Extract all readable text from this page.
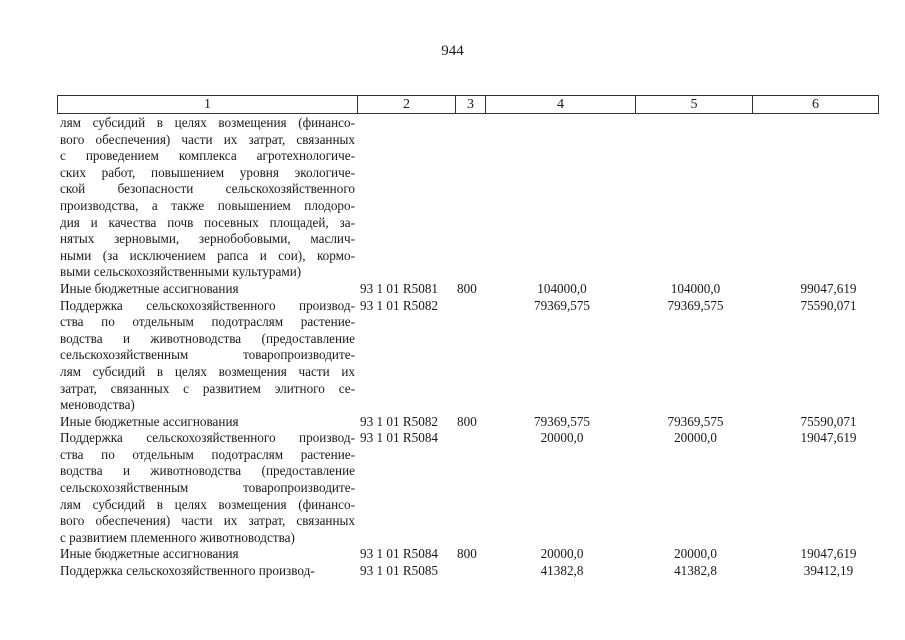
944
1	2	3	4	5	6
лям субсидий в целях возмещения (финансо-
вого обеспечения) части их затрат, связанных
с проведением комплекса агротехнологиче-
ских работ, повышением уровня экологиче-
ской безопасности сельскохозяйственного
производства, а также повышением плодоро-
дия и качества почв посевных площадей, за-
нятых зерновыми, зернобобовыми, маслич-
ными (за исключением рапса и сои), кормо-
выми сельскохозяйственными культурами)
Иные бюджетные ассигнования	93 1 01 R5081	800	104000,0	104000,0	99047,619
Поддержка сельскохозяйственного производ-
ства по отдельным подотраслям растение-
водства и животноводства (предоставление
сельскохозяйственным товаропроизводите-
лям субсидий в целях возмещения части их
затрат, связанных с развитием элитного се-
меноводства)
93 1 01 R5082	79369,575	79369,575	75590,071
Иные бюджетные ассигнования	93 1 01 R5082	800	79369,575	79369,575	75590,071
Поддержка сельскохозяйственного производ-
ства по отдельным подотраслям растение-
водства и животноводства (предоставление
сельскохозяйственным товаропроизводите-
лям субсидий в целях возмещения (финансо-
вого обеспечения) части их затрат, связанных
с развитием племенного животноводства)
93 1 01 R5084	20000,0	20000,0	19047,619
Иные бюджетные ассигнования	93 1 01 R5084	800	20000,0	20000,0	19047,619
Поддержка сельскохозяйственного производ-	93 1 01 R5085	41382,8	41382,8	39412,19
